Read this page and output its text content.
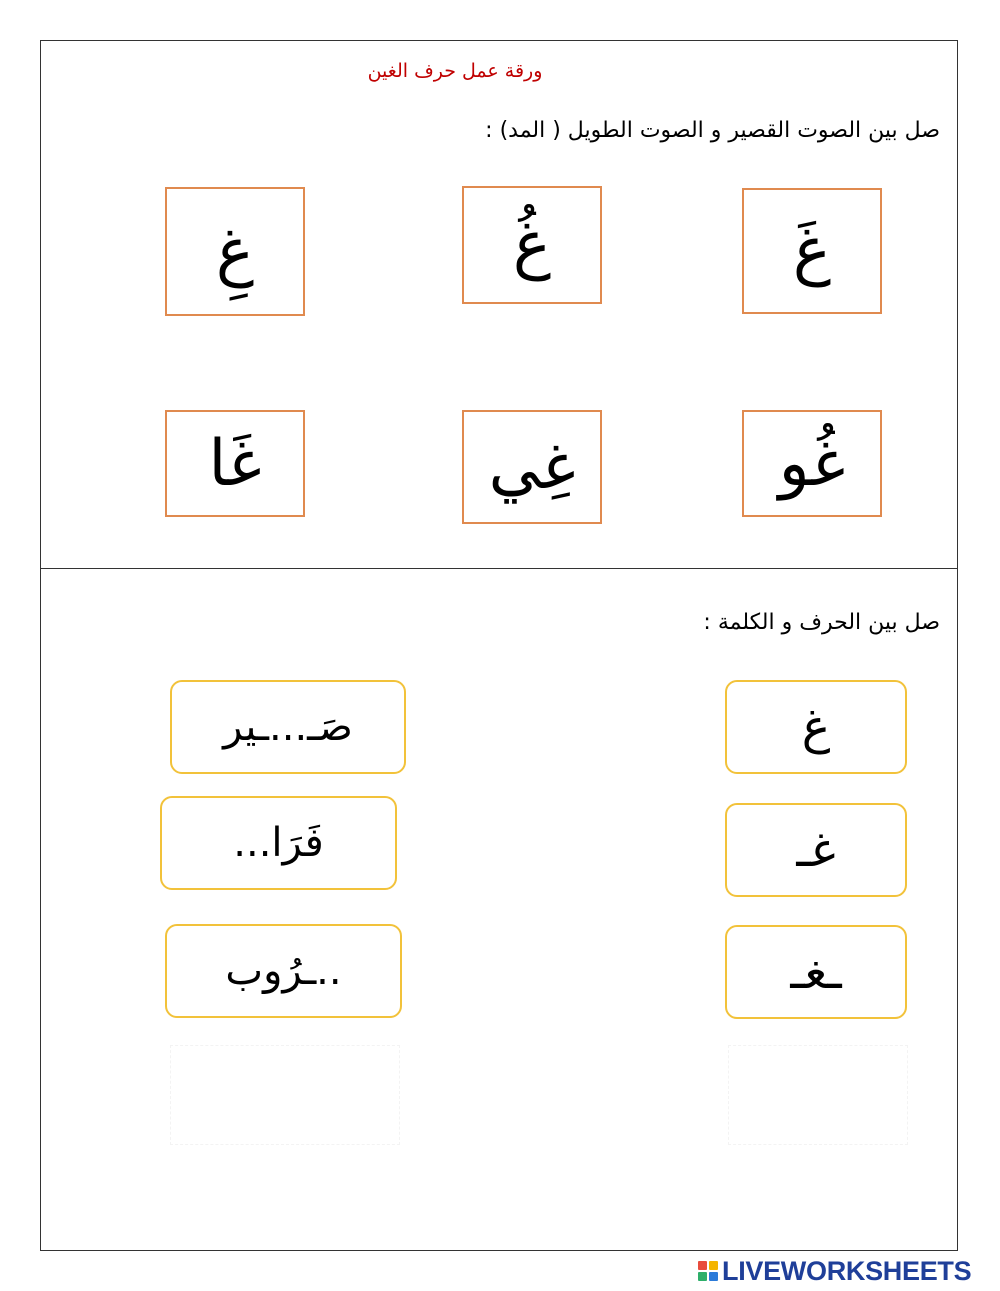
ورقة عمل حرف الغين
صل بين الصوت القصير و الصوت الطويل ( المد) :
غَ
غُ
غِ
غُو
غِي
غَا
صل بين الحرف و الكلمة :
غ
غـ
ـغـ
صَـ...ـير
فَرَا...
..ـرُوب
LIVEWORKSHEETS
